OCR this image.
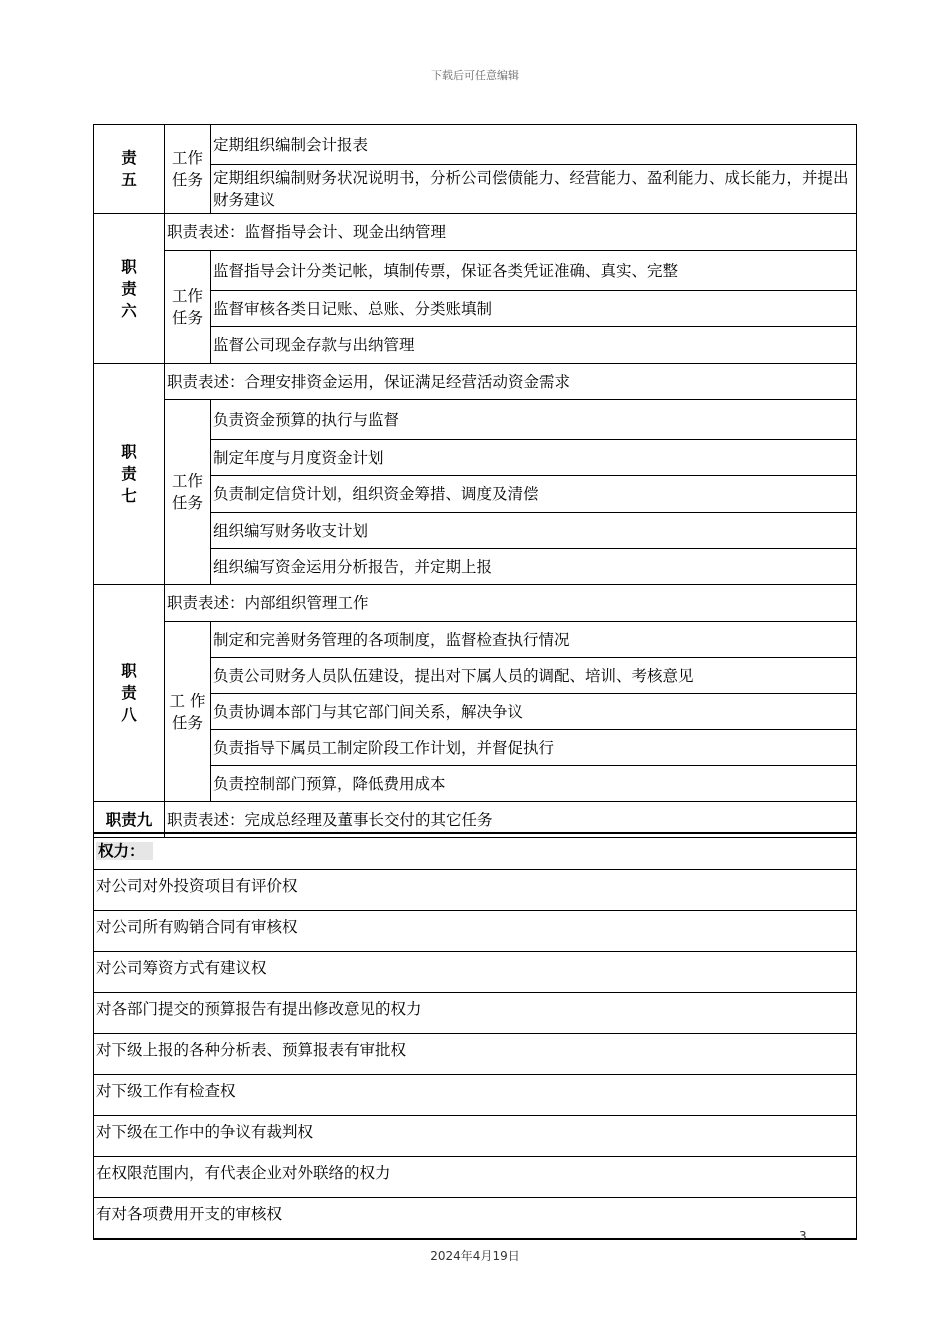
下载后可任意编辑
责
五	工作
任务	定期组织编制会计报表
		定期组织编制财务状况说明书，分析公司偿债能力、经营能力、盈利能力、成长能力，并提出财务建议

职
责
六	职责表述：监督指导会计、现金出纳管理	

	工作
任务	监督指导会计分类记帐，填制传票，保证各类凭证准确、真实、完整
		监督审核各类日记账、总账、分类账填制
		监督公司现金存款与出纳管理

职
责
七	职责表述：合理安排资金运用，保证满足经营活动资金需求	

	工作
任务	负责资金预算的执行与监督
		制定年度与月度资金计划
		负责制定信贷计划，组织资金筹措、调度及清偿
		组织编写财务收支计划
		组织编写资金运用分析报告，并定期上报

职
责
八	职责表述：内部组织管理工作	

	工 作
任务	制定和完善财务管理的各项制度，监督检查执行情况
		负责公司财务人员队伍建设，提出对下属人员的调配、培训、考核意见
		负责协调本部门与其它部门间关系，解决争议
		负责指导下属员工制定阶段工作计划，并督促执行
		负责控制部门预算，降低费用成本
职责九	职责表述：完成总经理及董事长交付的其它任务	
权力：
对公司对外投资项目有评价权
对公司所有购销合同有审核权
对公司筹资方式有建议权
对各部门提交的预算报告有提出修改意见的权力
对下级上报的各种分析表、预算报表有审批权
对下级工作有检查权
对下级在工作中的争议有裁判权
在权限范围内，有代表企业对外联络的权力
有对各项费用开支的审核权
3
2024年4月19日
